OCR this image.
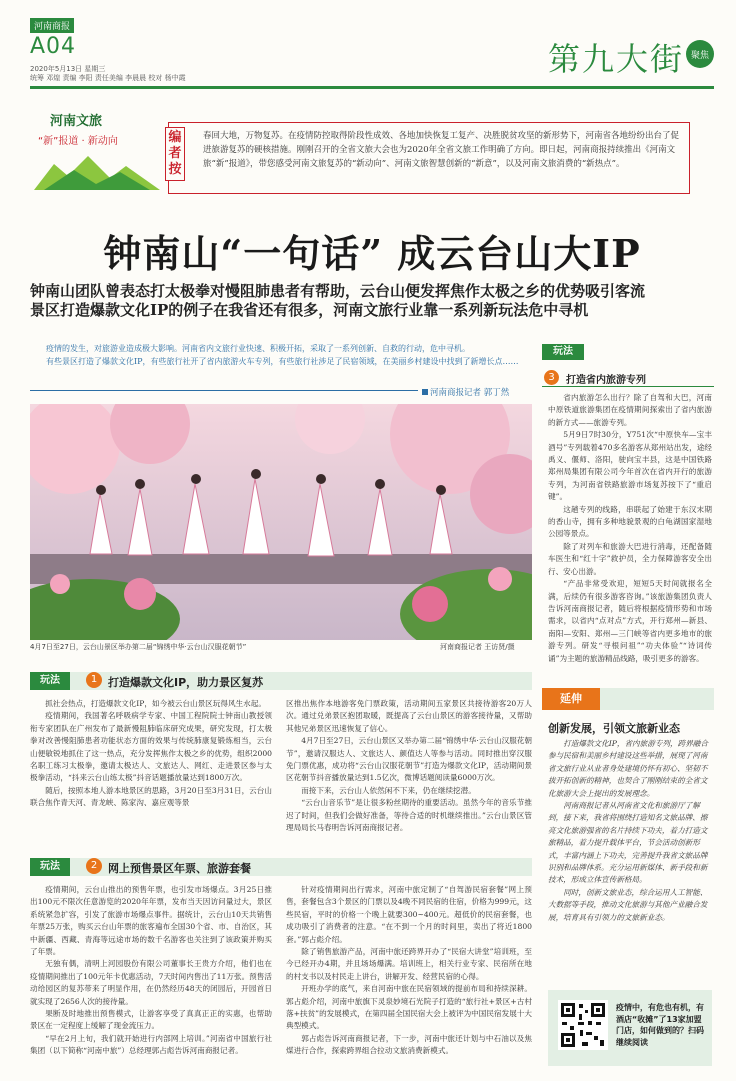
河南商报
A04
2020年5月13日 星期三
统筹 邓煌 责编 李阳 责任美编 李晨晨 校对 杨中霞	第九大街 聚焦
河南文旅
“新”报道 · 新动向	编者按
春回大地，万物复苏。在疫情防控取得阶段性成效、各地加快恢复工复产、决胜脱贫攻坚的新形势下，河南省各地纷纷出台了促进旅游复苏的硬核措施。刚刚召开的全省文旅大会也为2020年全省文旅工作明确了方向。即日起，河南商报持续推出《河南文旅“新”报道》，带您感受河南文旅复苏的“新动向”、河南文旅智慧创新的“新意”，以及河南文旅消费的“新热点”。
钟南山“一句话” 成云台山大IP
钟南山团队曾表态打太极拳对慢阻肺患者有帮助，云台山便发挥焦作太极之乡的优势吸引客流
景区打造爆款文化IP的例子在我省还有很多，河南文旅行业靠一系列新玩法危中寻机
疫情的发生，对旅游业造成极大影响。河南省内文旅行业快速、积极开拓，采取了一系列创新、自救的行动，危中寻机。
有些景区打造了爆款文化IP，有些旅行社开了省内旅游火车专列，有些旅行社涉足了民宿领域，在美丽乡村建设中找到了新增长点……
河南商报记者 郭丁然
4月7日至27日，云台山景区举办第二届“锦绣中华·云台山汉服花朝节”	河南商报记者 王访贤/摄
玩法	1 打造爆款文化IP，助力景区复苏

抓社会热点，打造爆款文化IP，如今被云台山景区玩得风生水起。

疫情期间，我国著名呼吸病学专家、中国工程院院士钟南山教授领衔专家团队在广州发布了最新慢阻肺临床研究成果，研究发现，打太极拳对改善慢阻肺患者功能状态方面的效果与传统肺康复锻炼相当，云台山便敏锐地抓住了这一热点，充分发挥焦作太极之乡的优势，组织2000名职工练习太极拳，邀请太极达人、文旅达人、网红、走进景区参与太极拳活动，“抖来云台山练太极”抖音话题播放量达到1800万次。

随后，按照本地人游本地景区的思路，3月20日至3月31日，云台山联合焦作青天河、青龙峡、陈家沟、嘉应观等景

区推出焦作本地游客免门票政策，活动期间五家景区共接待游客20万人次。通过兑弟景区抱团取暖，既提高了云台山景区的游客接待量，又帮助其他兄弟景区迅速恢复了信心。

4月7日至27日，云台山景区又举办第二届“锦绣中华·云台山汉服花朝节”，邀请汉服达人、文旅达人、颜值达人等参与活动。同时推出穿汉服免门票优惠，成功将“云台山汉服花朝节”打造为爆款文化IP，活动期间景区花朝节抖音播放量达到1.5亿次，微博话题阅读量6000万次。

而接下来，云台山人依然闲不下来，仍在继续挖潜。

“云台山音乐节”是让很多粉丝期待的重要活动。虽然今年的音乐节推迟了时间，但我们会做好准备，等待合适的时机继续推出。”云台山景区管理局局长马春明告诉河南商报记者。

玩法	2 网上预售景区年票、旅游套餐

疫情期间，云台山推出的预售年票，也引发市场爆点。3月25日推出100元不限次任意游览的2020年年票，发布当天因访问量过大，景区系统紧急扩容，引发了旅游市场爆点事件。据统计，云台山10天共销售年票25万张，购买云台山年票的旅客遍布全国30个省、市、自治区，其中新疆、西藏、青海等远途市场的数千名游客也关注到了该政策并购买了年票。

无独有偶，清明上河园股份有限公司董事长王贵方介绍，他们也在疫情期间推出了100元年卡优惠活动，7天时间内售出了11万张。预售活动给园区的复苏带来了明显作用，在仍然经历48天的闭园后，开园首日就实现了2656人次的接待量。

果断及时地推出预售模式，让游客享受了真真正正的实惠，也帮助景区在一定程度上缓解了现金流压力。

“早在2月上旬，我们就开始进行内部网上培训。”河南省中国旅行社集团（以下简称“河南中旅”）总经理郭占彪告诉河南商报记者。

针对疫情期间出行需求，河南中旅定制了“自驾游民宿套餐”网上预售，套餐包含3个景区的门票以及4晚不同民宿的住宿，价格为999元，这些民宿，平时的价格一个晚上就要300~400元。超低价的民宿套餐，也成功吸引了消费者的注意。“在不到一个月的时间里，卖出了将近1800套。”郭占彪介绍。

除了销售旅游产品，河南中旅还跨界开办了“民宿大讲堂”培训班，至今已经开办4期，并且场场爆满。培训班上，相关行业专家、民宿所在地的村支书以及村民走上讲台，讲解开发、经营民宿的心得。

开班办学的底气，来自河南中旅在民宿领域的提前布局和持续深耕。郭占彪介绍，河南中旅旗下灵泉妙境石光院子打造的“旅行社+景区+古村落+扶贫”的发展模式，在第四届全国民宿大会上被评为中国民宿发展十大典型模式。

郭占彪告诉河南商报记者，下一步，河南中旅还计划与中石油以及焦煤进行合作，探索跨界组合拉动文旅消费新模式。

玩法
3	打造省内旅游专列

省内旅游怎么出行？除了自驾和大巴，河南中原铁道旅游集团在疫情期间探索出了省内旅游的新方式——旅游专列。

5月9日7时30分，Y751次“中原快车—宝丰酒号”专列载着470多名游客从郑州站出发，途经禹义、偃师、洛阳，驶向宝丰县，这是中国铁路郑州局集团有限公司今年首次在省内开行的旅游专列，为河南省铁路旅游市场复苏按下了“重启键”。

这趟专列的线路，串联起了始建于东汉末期的香山寺，拥有多种地貌景观的白龟湖国家湿地公园等景点。

除了对列车和旅游大巴进行消毒，还配备随车医生和“红十字”救护员，全力保障游客安全出行、安心出游。

“产品非常受欢迎，短短5天时间就报名全满，后续仍有很多游客咨询。”该旅游集团负责人告诉河南商报记者，随后将根据疫情形势和市场需求，以省内“点对点”方式，开行郑州—新县、南阳—安阳、郑州—三门峡等省内更多地市的旅游专列。研发“寻根问祖”“功夫体验”“诗词传诵”为主题的旅游精品线路，吸引更多的游客。

延伸
创新发展，引领文旅新业态

打造爆款文化IP，省内旅游专列，跨界融合参与民宿和美丽乡村建设这些举措，展现了河南省文旅行业从业者身处建境仍怀有初心、坚韧不拔开拓创新的精神，也契合了刚刚结束的全省文化旅游大会上提出的发展理念。

河南商报记者从河南省文化和旅游厅了解到，接下来，我省将围绕打造知名文旅品牌、擦亮文化旅游强省的名片持续下功夫，着力打造文旅精品，着力提升载体平台，节会活动创新形式，丰富内涵上下功夫，完善提升我省文旅品牌识别和品牌体系。充分运用新媒体、新手段和新技术，形成立体宣传新格局。

同时，创新文旅业态，综合运用人工智能、大数据等手段，推动文化旅游与其他产业融合发展，培育具有引领力的文旅新业态。

疫情中，有危也有机，有酒店“收摊”了13家加盟门店，如何做到的？扫码继续阅读
